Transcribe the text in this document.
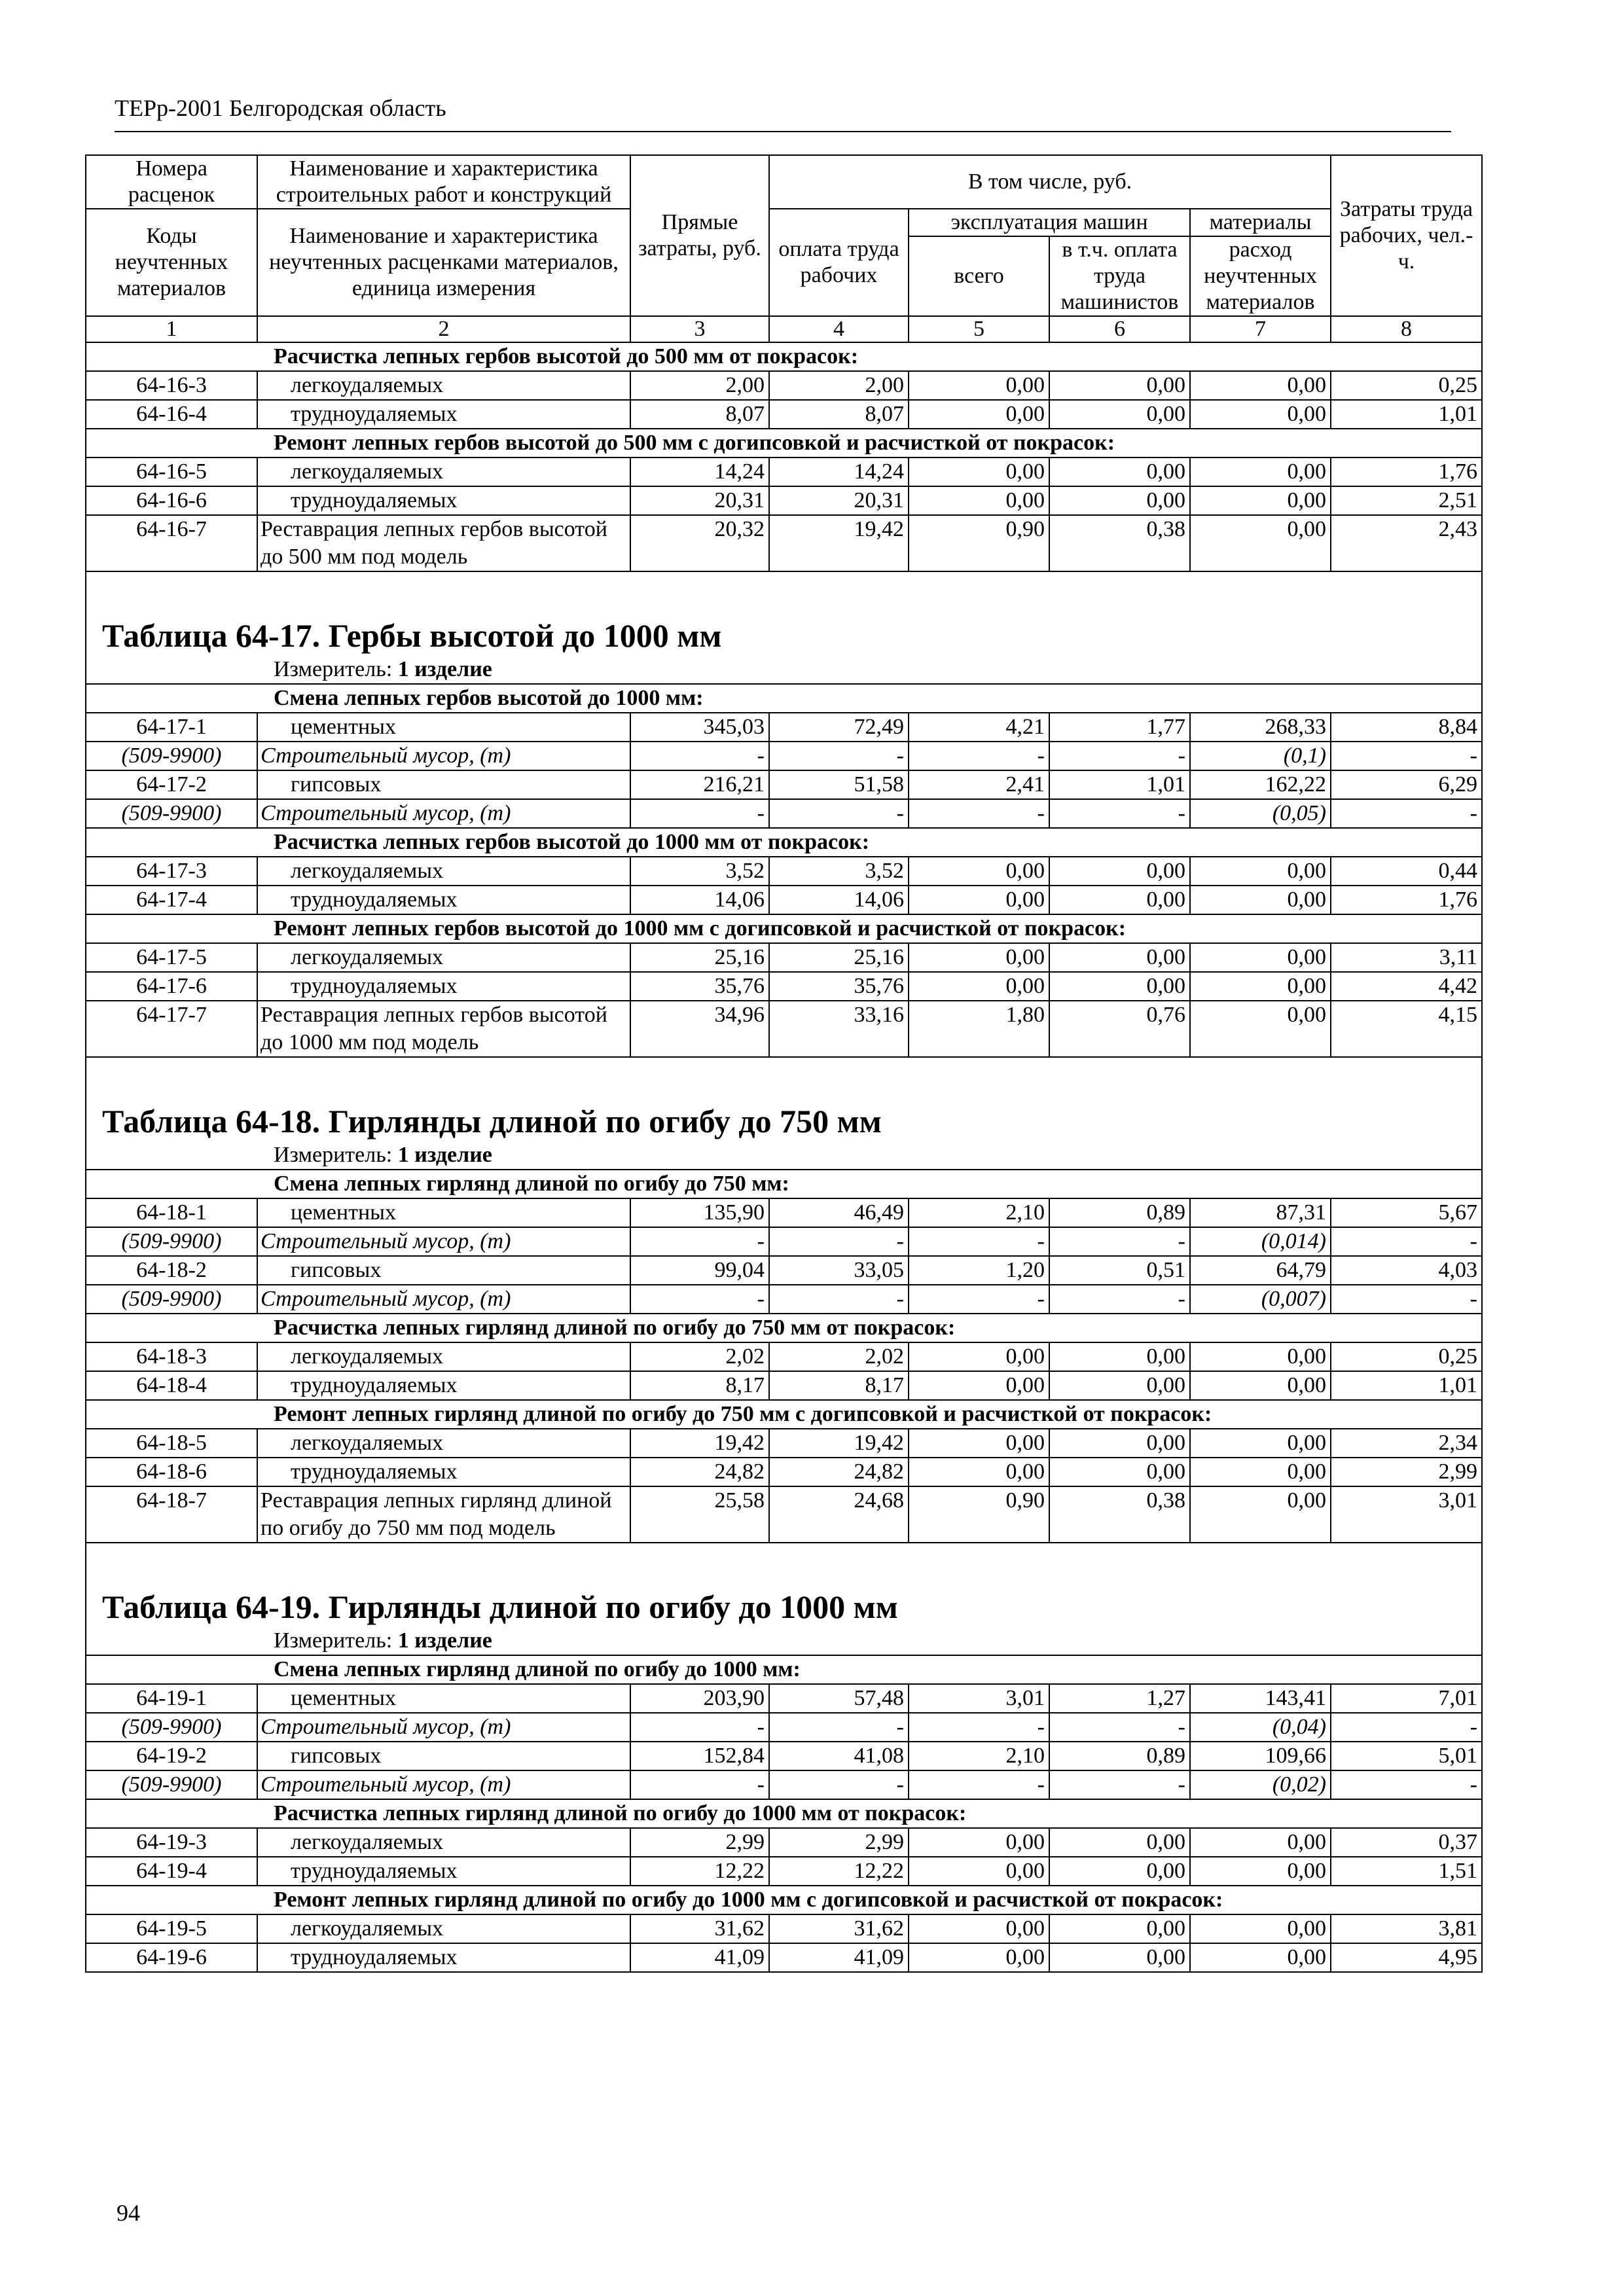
ТЕРр-2001 Белгородская область
Номера расценок	Наименование и характеристика строительных работ и конструкций	Прямые затраты, руб.	В том числе, руб.				Затраты труда рабочих, чел.-ч.
Коды неучтенных материалов	Наименование и характеристика неучтенных расценками материалов, единица измерения		оплата труда рабочих	эксплуатация машин		материалы	
				всего	в т.ч. оплата труда машинистов	расход неучтенных материалов	
1	2	3	4	5	6	7	8
Расчистка лепных гербов высотой до 500 мм от покрасок:							
64-16-3	легкоудаляемых	2,00	2,00	0,00	0,00	0,00	0,25
64-16-4	трудноудаляемых	8,07	8,07	0,00	0,00	0,00	1,01
Ремонт лепных гербов высотой до 500 мм с догипсовкой и расчисткой от покрасок:							
64-16-5	легкоудаляемых	14,24	14,24	0,00	0,00	0,00	1,76
64-16-6	трудноудаляемых	20,31	20,31	0,00	0,00	0,00	2,51
64-16-7	Реставрация лепных гербов высотой до 500 мм под модель	20,32	19,42	0,90	0,38	0,00	2,43

Таблица 64-17. Гербы высотой до 1000 мм							
Измеритель: 1 изделие							
Смена лепных гербов высотой до 1000 мм:							
64-17-1	цементных	345,03	72,49	4,21	1,77	268,33	8,84
(509-9900)	Строительный мусор, (т)	-	-	-	-	(0,1)	-
64-17-2	гипсовых	216,21	51,58	2,41	1,01	162,22	6,29
(509-9900)	Строительный мусор, (т)	-	-	-	-	(0,05)	-
Расчистка лепных гербов высотой до 1000 мм от покрасок:							
64-17-3	легкоудаляемых	3,52	3,52	0,00	0,00	0,00	0,44
64-17-4	трудноудаляемых	14,06	14,06	0,00	0,00	0,00	1,76
Ремонт лепных гербов высотой до 1000 мм с догипсовкой и расчисткой от покрасок:							
64-17-5	легкоудаляемых	25,16	25,16	0,00	0,00	0,00	3,11
64-17-6	трудноудаляемых	35,76	35,76	0,00	0,00	0,00	4,42
64-17-7	Реставрация лепных гербов высотой до 1000 мм под модель	34,96	33,16	1,80	0,76	0,00	4,15

Таблица 64-18. Гирлянды длиной по огибу до 750 мм							
Измеритель: 1 изделие							
Смена лепных гирлянд длиной по огибу до 750 мм:							
64-18-1	цементных	135,90	46,49	2,10	0,89	87,31	5,67
(509-9900)	Строительный мусор, (т)	-	-	-	-	(0,014)	-
64-18-2	гипсовых	99,04	33,05	1,20	0,51	64,79	4,03
(509-9900)	Строительный мусор, (т)	-	-	-	-	(0,007)	-
Расчистка лепных гирлянд длиной по огибу до 750 мм от покрасок:							
64-18-3	легкоудаляемых	2,02	2,02	0,00	0,00	0,00	0,25
64-18-4	трудноудаляемых	8,17	8,17	0,00	0,00	0,00	1,01
Ремонт лепных гирлянд длиной по огибу до 750 мм с догипсовкой и расчисткой от покрасок:							
64-18-5	легкоудаляемых	19,42	19,42	0,00	0,00	0,00	2,34
64-18-6	трудноудаляемых	24,82	24,82	0,00	0,00	0,00	2,99
64-18-7	Реставрация лепных гирлянд длиной по огибу до 750 мм под модель	25,58	24,68	0,90	0,38	0,00	3,01

Таблица 64-19. Гирлянды длиной по огибу до 1000 мм							
Измеритель: 1 изделие							
Смена лепных гирлянд длиной по огибу до 1000 мм:							
64-19-1	цементных	203,90	57,48	3,01	1,27	143,41	7,01
(509-9900)	Строительный мусор, (т)	-	-	-	-	(0,04)	-
64-19-2	гипсовых	152,84	41,08	2,10	0,89	109,66	5,01
(509-9900)	Строительный мусор, (т)	-	-	-	-	(0,02)	-
Расчистка лепных гирлянд длиной по огибу до 1000 мм от покрасок:							
64-19-3	легкоудаляемых	2,99	2,99	0,00	0,00	0,00	0,37
64-19-4	трудноудаляемых	12,22	12,22	0,00	0,00	0,00	1,51
Ремонт лепных гирлянд длиной по огибу до 1000 мм с догипсовкой и расчисткой от покрасок:							
64-19-5	легкоудаляемых	31,62	31,62	0,00	0,00	0,00	3,81
64-19-6	трудноудаляемых	41,09	41,09	0,00	0,00	0,00	4,95
94
